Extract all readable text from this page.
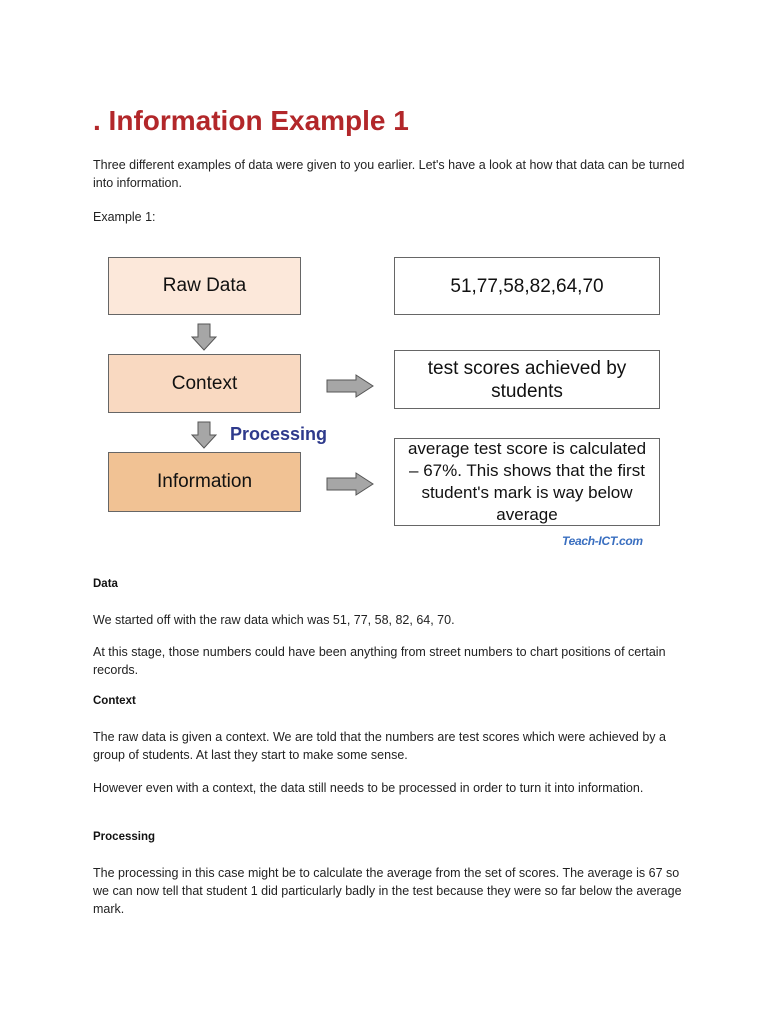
. Information Example 1

Three different examples of data were given to you earlier. Let's have a look at how that data can be turned into information.

Example 1:

Raw Data
Context
Information
Processing
51,77,58,82,64,70
test scores achieved by students
average test score is calculated – 67%. This shows that the first student's mark is way below average
Teach-ICT.com

Data

We started off with the raw data which was 51, 77, 58, 82, 64, 70.

At this stage, those numbers could have been anything from street numbers to chart positions of certain records.

Context

The raw data is given a context. We are told that the numbers are test scores which were achieved by a group of students. At last they start to make some sense.

However even with a context, the data still needs to be processed in order to turn it into information.

Processing

The processing in this case might be to calculate the average from the set of scores. The average is 67 so we can now tell that student 1 did particularly badly in the test because they were so far below the average mark.
